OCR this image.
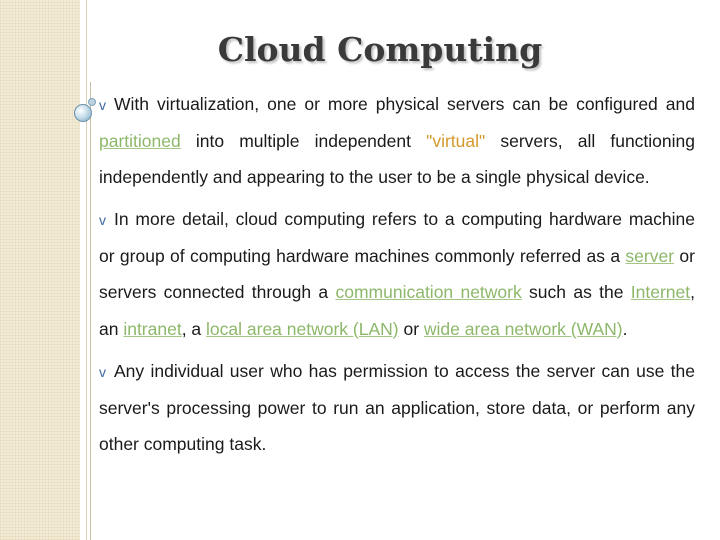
Cloud Computing

v With virtualization, one or more physical servers can be configured and partitioned into multiple independent "virtual" servers, all functioning independently and appearing to the user to be a single physical device.

v In more detail, cloud computing refers to a computing hardware machine or group of computing hardware machines commonly referred as a server or servers connected through a communication network such as the Internet, an intranet, a local area network (LAN) or wide area network (WAN).

v Any individual user who has permission to access the server can use the server's processing power to run an application, store data, or perform any other computing task.
